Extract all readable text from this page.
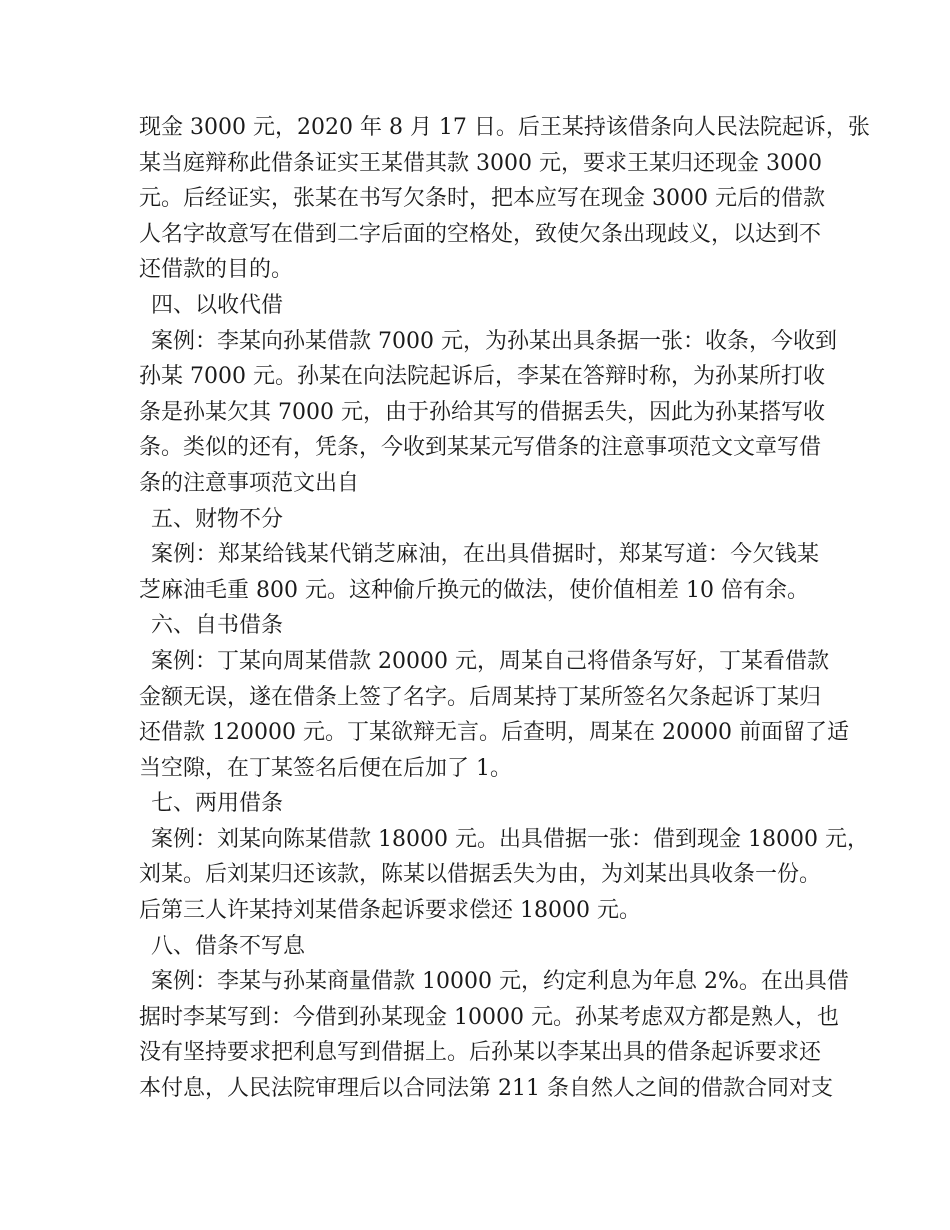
现金 3000 元，2020 年 8 月 17 日。后王某持该借条向人民法院起诉，张
某当庭辩称此借条证实王某借其款 3000 元，要求王某归还现金 3000
元。后经证实，张某在书写欠条时，把本应写在现金 3000 元后的借款
人名字故意写在借到二字后面的空格处，致使欠条出现歧义，以达到不
还借款的目的。
四、以收代借
案例：李某向孙某借款 7000 元，为孙某出具条据一张：收条，今收到
孙某 7000 元。孙某在向法院起诉后，李某在答辩时称，为孙某所打收
条是孙某欠其 7000 元，由于孙给其写的借据丢失，因此为孙某搭写收
条。类似的还有，凭条，今收到某某元写借条的注意事项范文文章写借
条的注意事项范文出自
五、财物不分
案例：郑某给钱某代销芝麻油，在出具借据时，郑某写道：今欠钱某
芝麻油毛重 800 元。这种偷斤换元的做法，使价值相差 10 倍有余。
六、自书借条
案例：丁某向周某借款 20000 元，周某自己将借条写好，丁某看借款
金额无误，遂在借条上签了名字。后周某持丁某所签名欠条起诉丁某归
还借款 120000 元。丁某欲辩无言。后查明，周某在 20000 前面留了适
当空隙，在丁某签名后便在后加了 1。
七、两用借条
案例：刘某向陈某借款 18000 元。出具借据一张：借到现金 18000 元，
刘某。后刘某归还该款，陈某以借据丢失为由，为刘某出具收条一份。
后第三人许某持刘某借条起诉要求偿还 18000 元。
八、借条不写息
案例：李某与孙某商量借款 10000 元，约定利息为年息 2%。在出具借
据时李某写到：今借到孙某现金 10000 元。孙某考虑双方都是熟人，也
没有坚持要求把利息写到借据上。后孙某以李某出具的借条起诉要求还
本付息，人民法院审理后以合同法第 211 条自然人之间的借款合同对支
